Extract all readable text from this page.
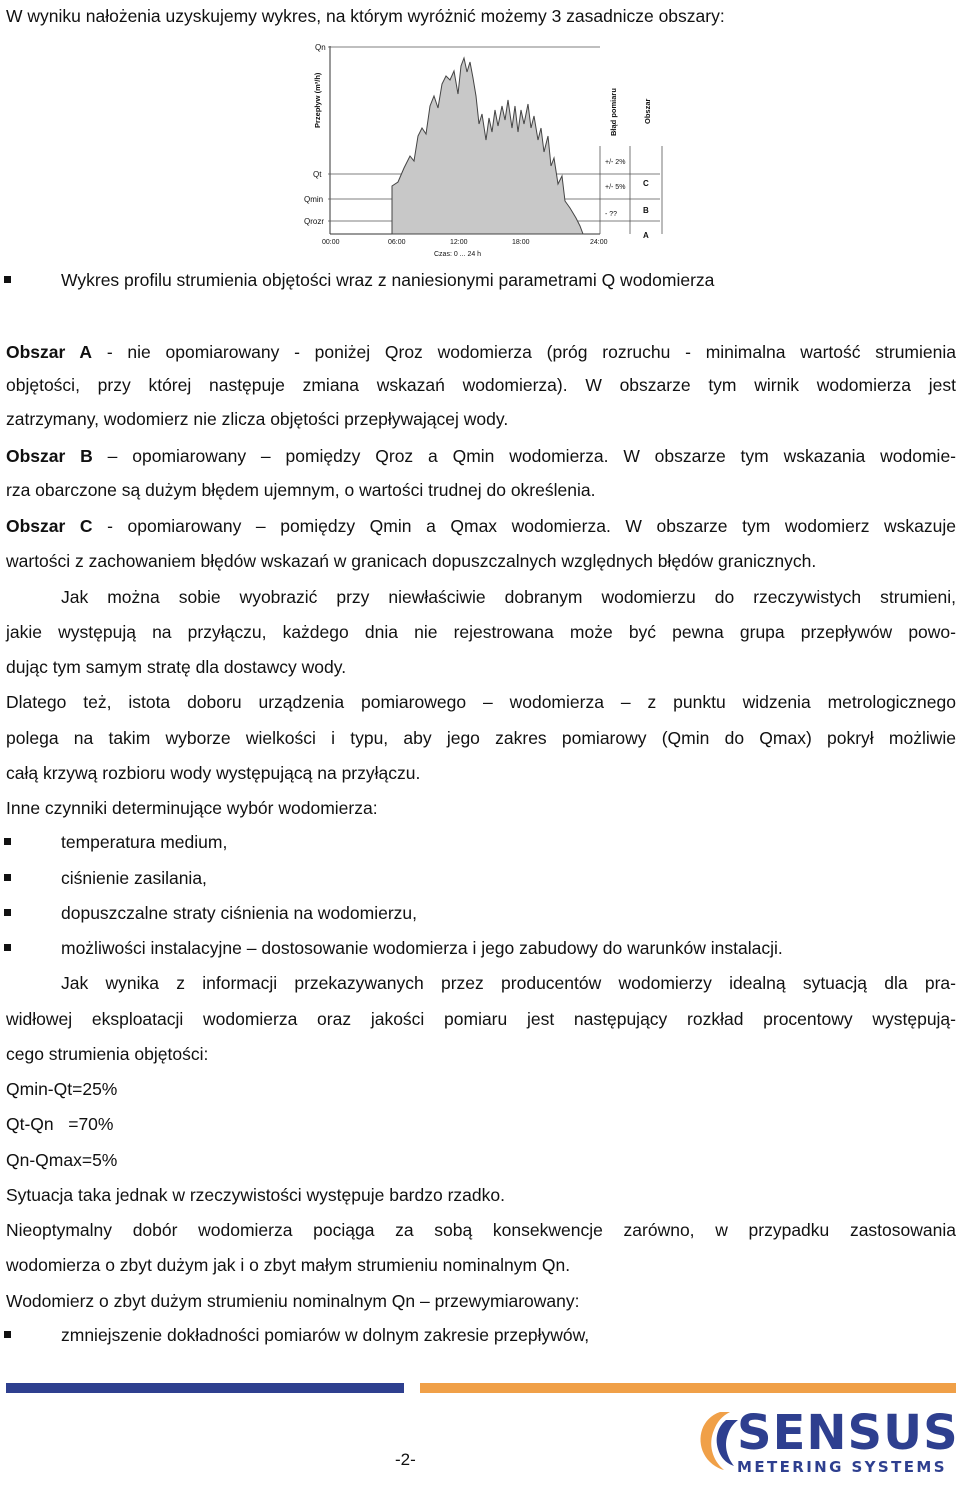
W wyniku nałożenia uzyskujemy wykres, na którym wyróżnić możemy 3 zasadnicze obszary:
Qn
Qt
Qmin
Qrozr
Przepływ (m³/h)	Błąd pomiaru	Obszar
00:00	06:00	12:00	18:00	24:00
Czas: 0 ... 24 h
+/- 2%
+/- 5%
- ??
C
B
A
Wykres profilu strumienia objętości wraz z naniesionymi parametrami Q wodomierza
Obszar A - nie opomiarowany - poniżej Qroz wodomierza (próg rozruchu - minimalna wartość strumienia
objętości, przy której następuje zmiana wskazań wodomierza). W obszarze tym wirnik wodomierza jest
zatrzymany, wodomierz nie zlicza objętości przepływającej wody.
Obszar B – opomiarowany – pomiędzy Qroz a Qmin wodomierza. W obszarze tym wskazania wodomie-
rza obarczone są dużym błędem ujemnym, o wartości trudnej do określenia.
Obszar C - opomiarowany – pomiędzy Qmin a Qmax wodomierza. W obszarze tym wodomierz wskazuje
wartości z zachowaniem błędów wskazań w granicach dopuszczalnych względnych błędów granicznych.
Jak można sobie wyobrazić przy niewłaściwie dobranym wodomierzu do rzeczywistych strumieni,
jakie występują na przyłączu, każdego dnia nie rejestrowana może być pewna grupa przepływów powo-
dując tym samym stratę dla dostawcy wody.
Dlatego też, istota doboru urządzenia pomiarowego – wodomierza – z punktu widzenia metrologicznego
polega na takim wyborze wielkości i typu, aby jego zakres pomiarowy (Qmin do Qmax) pokrył możliwie
całą krzywą rozbioru wody występującą na przyłączu.
Inne czynniki determinujące wybór wodomierza:
temperatura medium,
ciśnienie zasilania,
dopuszczalne straty ciśnienia na wodomierzu,
możliwości instalacyjne – dostosowanie wodomierza i jego zabudowy do warunków instalacji.
Jak wynika z informacji przekazywanych przez producentów wodomierzy idealną sytuacją dla pra-
widłowej eksploatacji wodomierza oraz jakości pomiaru jest następujący rozkład procentowy występują-
cego strumienia objętości:
Qmin-Qt=25%
Qt-Qn   =70%
Qn-Qmax=5%
Sytuacja taka jednak w rzeczywistości występuje bardzo rzadko.
Nieoptymalny dobór wodomierza pociąga za sobą konsekwencje zarówno, w przypadku zastosowania
wodomierza o zbyt dużym jak i o zbyt małym strumieniu nominalnym Qn.
Wodomierz o zbyt dużym strumieniu nominalnym Qn – przewymiarowany:
zmniejszenie dokładności pomiarów w dolnym zakresie przepływów,
-2-	SENSUS
METERING SYSTEMS
